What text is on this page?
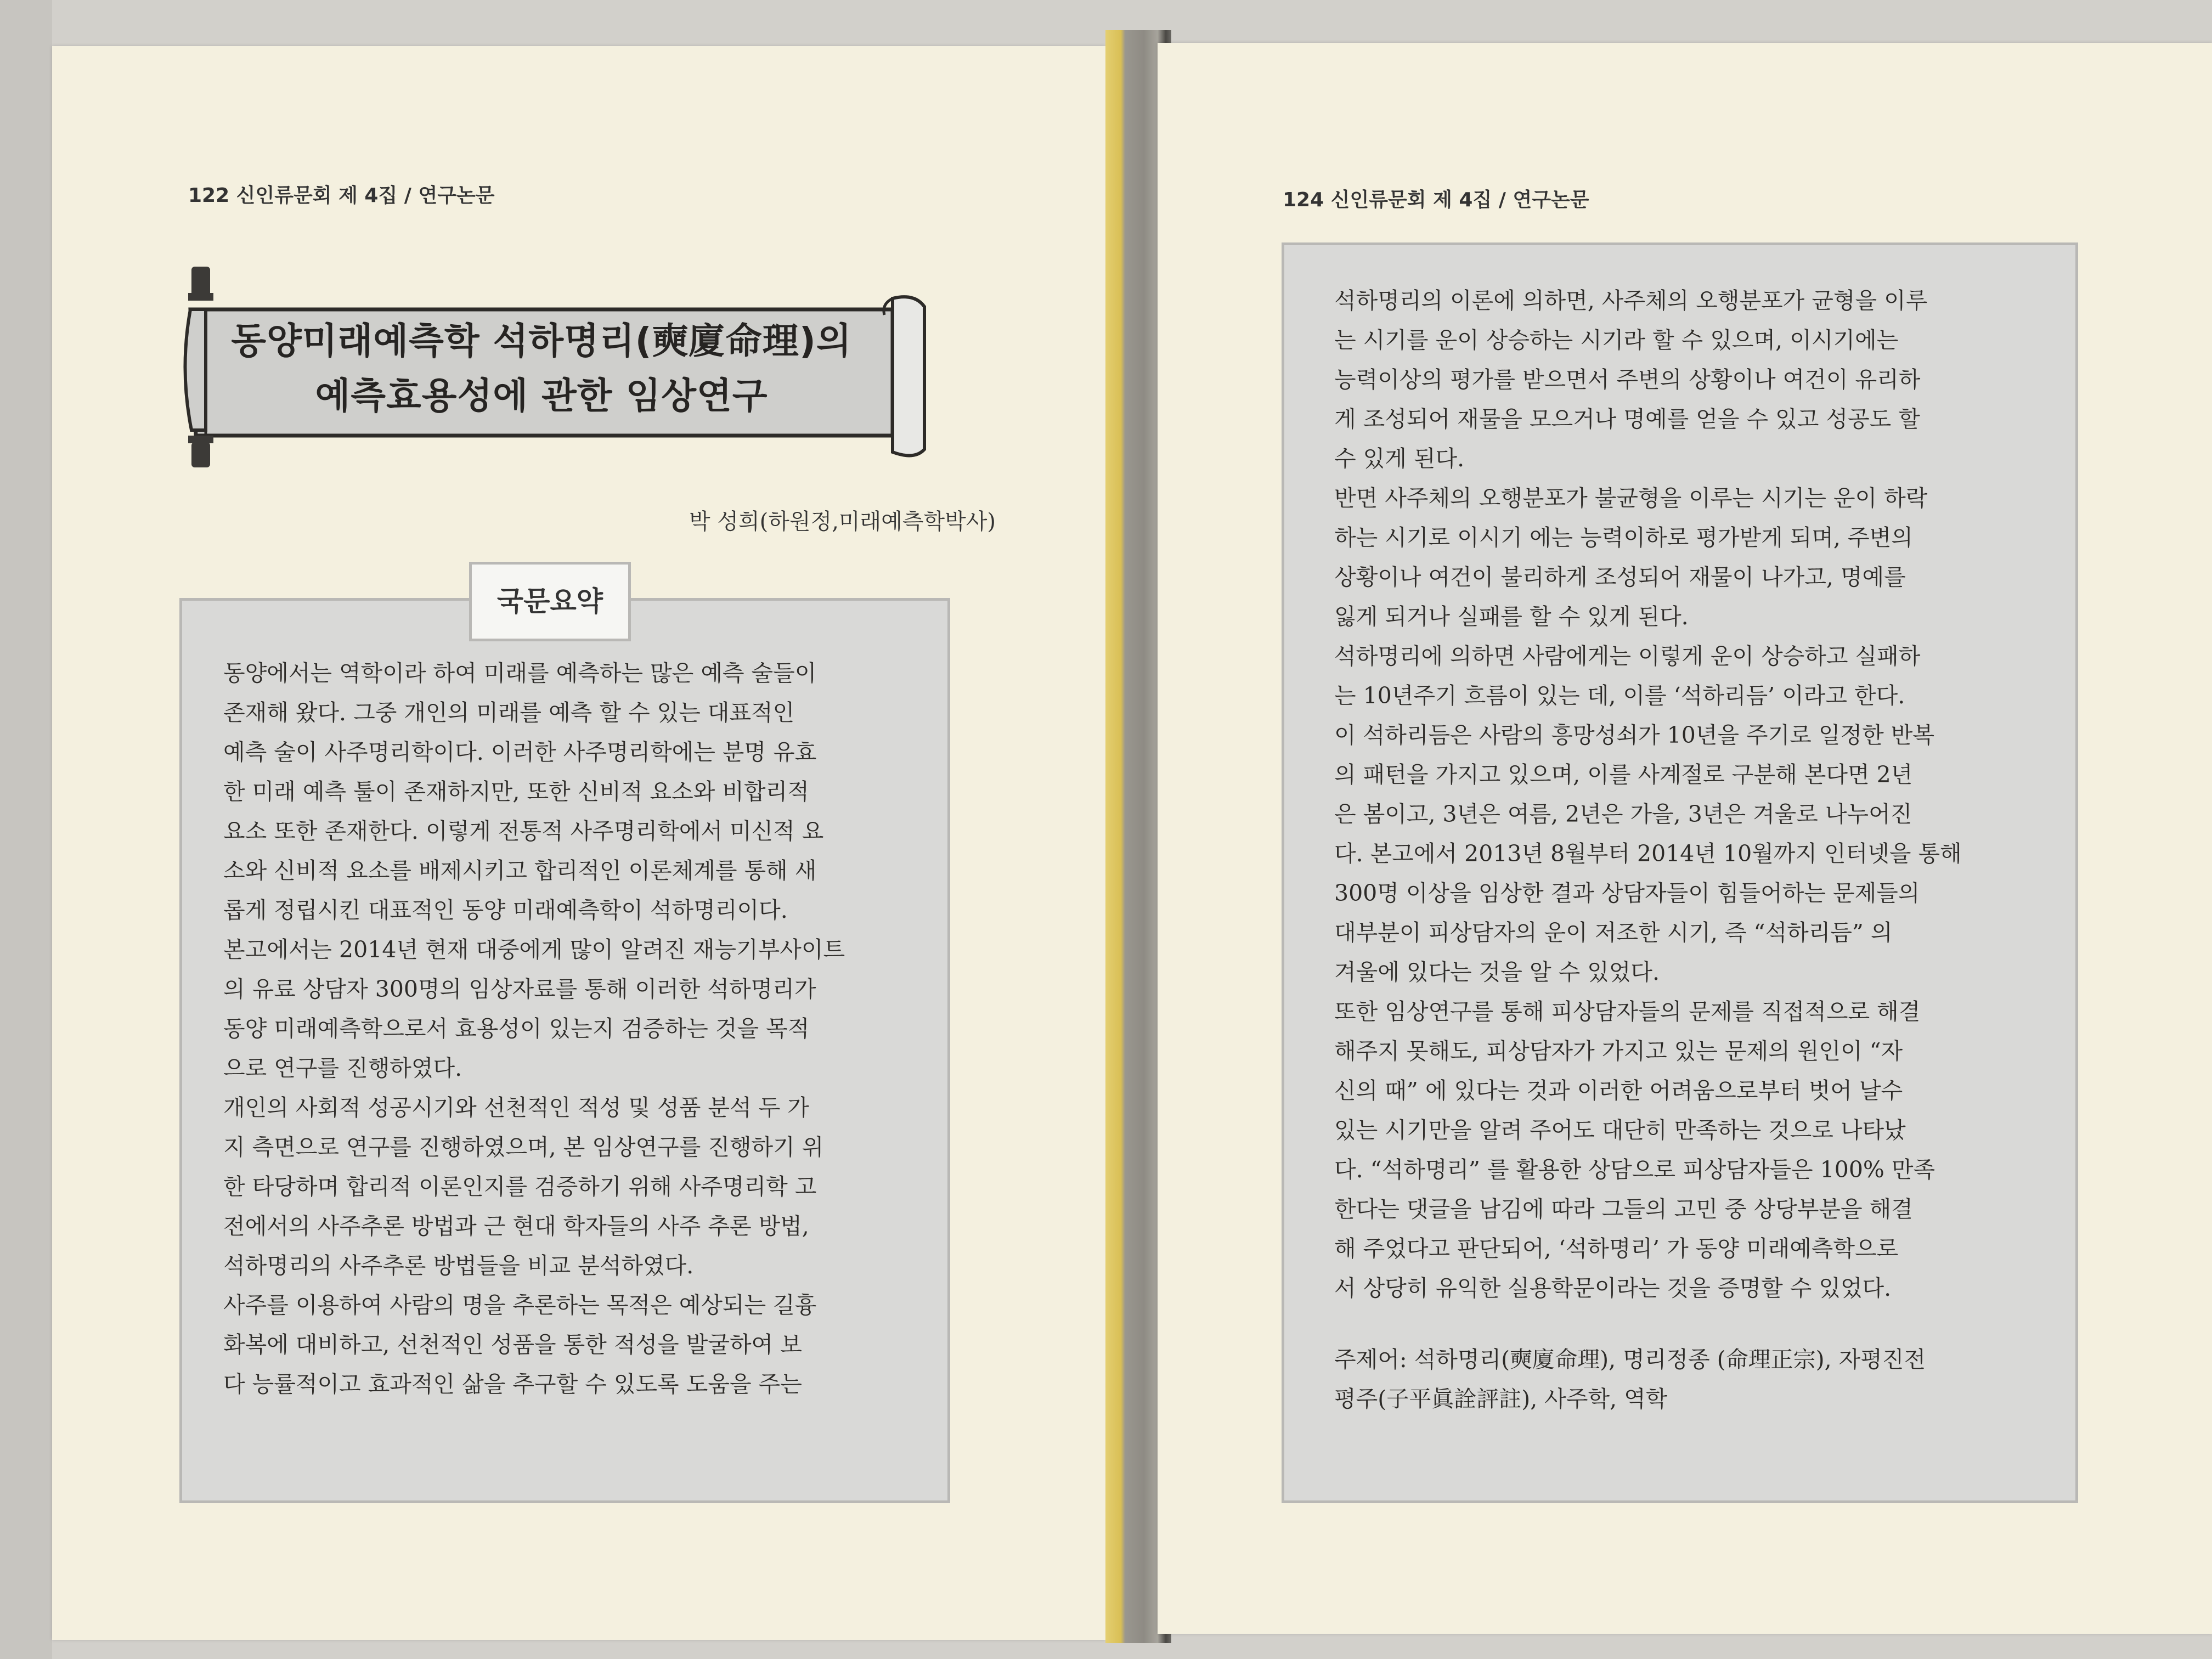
122 신인류문회 제 4집 / 연구논문
동양미래예측학 석하명리(奭廈命理)의
예측효용성에 관한 임상연구
박 성희(하원정,미래예측학박사)
국문요약
동양에서는 역학이라 하여 미래를 예측하는 많은 예측 술들이
존재해 왔다. 그중 개인의 미래를 예측 할 수 있는 대표적인
예측 술이 사주명리학이다. 이러한 사주명리학에는 분명 유효
한 미래 예측 툴이 존재하지만, 또한 신비적 요소와 비합리적
요소 또한 존재한다. 이렇게 전통적 사주명리학에서 미신적 요
소와 신비적 요소를 배제시키고 합리적인 이론체계를 통해 새
롭게 정립시킨 대표적인 동양 미래예측학이 석하명리이다.
본고에서는 2014년 현재 대중에게 많이 알려진 재능기부사이트
의 유료 상담자 300명의 임상자료를 통해 이러한 석하명리가
동양 미래예측학으로서 효용성이 있는지 검증하는 것을 목적
으로 연구를 진행하였다.
개인의 사회적 성공시기와 선천적인 적성 및 성품 분석 두 가
지 측면으로 연구를 진행하였으며, 본 임상연구를 진행하기 위
한 타당하며 합리적 이론인지를 검증하기 위해 사주명리학 고
전에서의 사주추론 방법과 근 현대 학자들의 사주 추론 방법,
석하명리의 사주추론 방법들을 비교 분석하였다.
사주를 이용하여 사람의 명을 추론하는 목적은 예상되는 길흉
화복에 대비하고, 선천적인 성품을 통한 적성을 발굴하여 보
다 능률적이고 효과적인 삶을 추구할 수 있도록 도움을 주는
124 신인류문회 제 4집 / 연구논문
석하명리의 이론에 의하면, 사주체의 오행분포가 균형을 이루
는 시기를 운이 상승하는 시기라 할 수 있으며, 이시기에는
능력이상의 평가를 받으면서 주변의 상황이나 여건이 유리하
게 조성되어 재물을 모으거나 명예를 얻을 수 있고 성공도 할
수 있게 된다.
반면 사주체의 오행분포가 불균형을 이루는 시기는 운이 하락
하는 시기로 이시기 에는 능력이하로 평가받게 되며, 주변의
상황이나 여건이 불리하게 조성되어 재물이 나가고, 명예를
잃게 되거나 실패를 할 수 있게 된다.
석하명리에 의하면 사람에게는 이렇게 운이 상승하고 실패하
는 10년주기 흐름이 있는 데, 이를 ‘석하리듬’ 이라고 한다.
이 석하리듬은 사람의 흥망성쇠가 10년을 주기로 일정한 반복
의 패턴을 가지고 있으며, 이를 사계절로 구분해 본다면 2년
은 봄이고, 3년은 여름, 2년은 가을, 3년은 겨울로 나누어진
다. 본고에서 2013년 8월부터 2014년 10월까지 인터넷을 통해
300명 이상을 임상한 결과 상담자들이 힘들어하는 문제들의
대부분이 피상담자의 운이 저조한 시기, 즉 “석하리듬” 의
겨울에 있다는 것을 알 수 있었다.
또한 임상연구를 통해 피상담자들의 문제를 직접적으로 해결
해주지 못해도, 피상담자가 가지고 있는 문제의 원인이 “자
신의 때” 에 있다는 것과 이러한 어려움으로부터 벗어 날수
있는 시기만을 알려 주어도 대단히 만족하는 것으로 나타났
다. “석하명리” 를 활용한 상담으로 피상담자들은 100% 만족
한다는 댓글을 남김에 따라 그들의 고민 중 상당부분을 해결
해 주었다고 판단되어, ‘석하명리’ 가 동양 미래예측학으로
서 상당히 유익한 실용학문이라는 것을 증명할 수 있었다.
주제어: 석하명리(奭廈命理), 명리정종 (命理正宗), 자평진전
평주(子平眞詮評註), 사주학, 역학
